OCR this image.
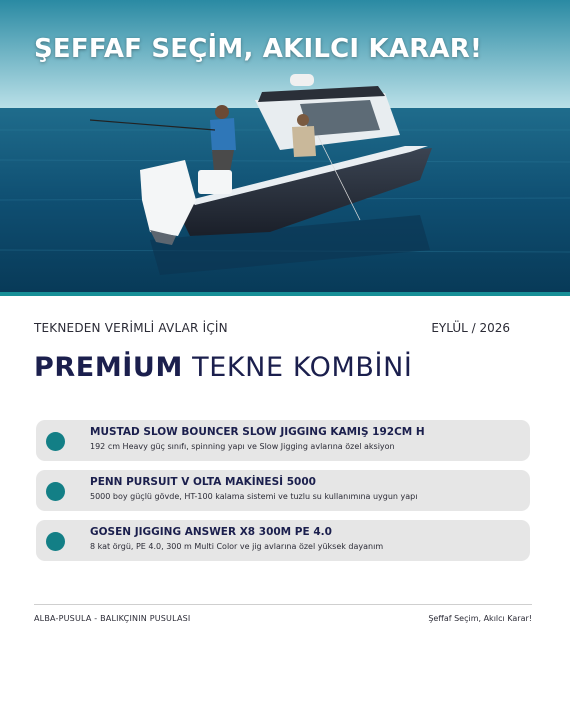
ŞEFFAF SEÇİM, AKILCI KARAR!
TEKNEDEN VERİMLİ AVLAR İÇİN	EYLÜL / 2026
PREMİUM TEKNE KOMBİNİ
MUSTAD SLOW BOUNCER SLOW JIGGING KAMIŞ 192CM H
192 cm Heavy güç sınıfı, spinning yapı ve Slow Jigging avlarına özel aksiyon
PENN PURSUIT V OLTA MAKİNESİ 5000
5000 boy güçlü gövde, HT-100 kalama sistemi ve tuzlu su kullanımına uygun yapı
GOSEN JIGGING ANSWER X8 300M PE 4.0
8 kat örgü, PE 4.0, 300 m Multi Color ve jig avlarına özel yüksek dayanım
ALBA-PUSULA - BALIKÇININ PUSULASI	Şeffaf Seçim, Akılcı Karar!
